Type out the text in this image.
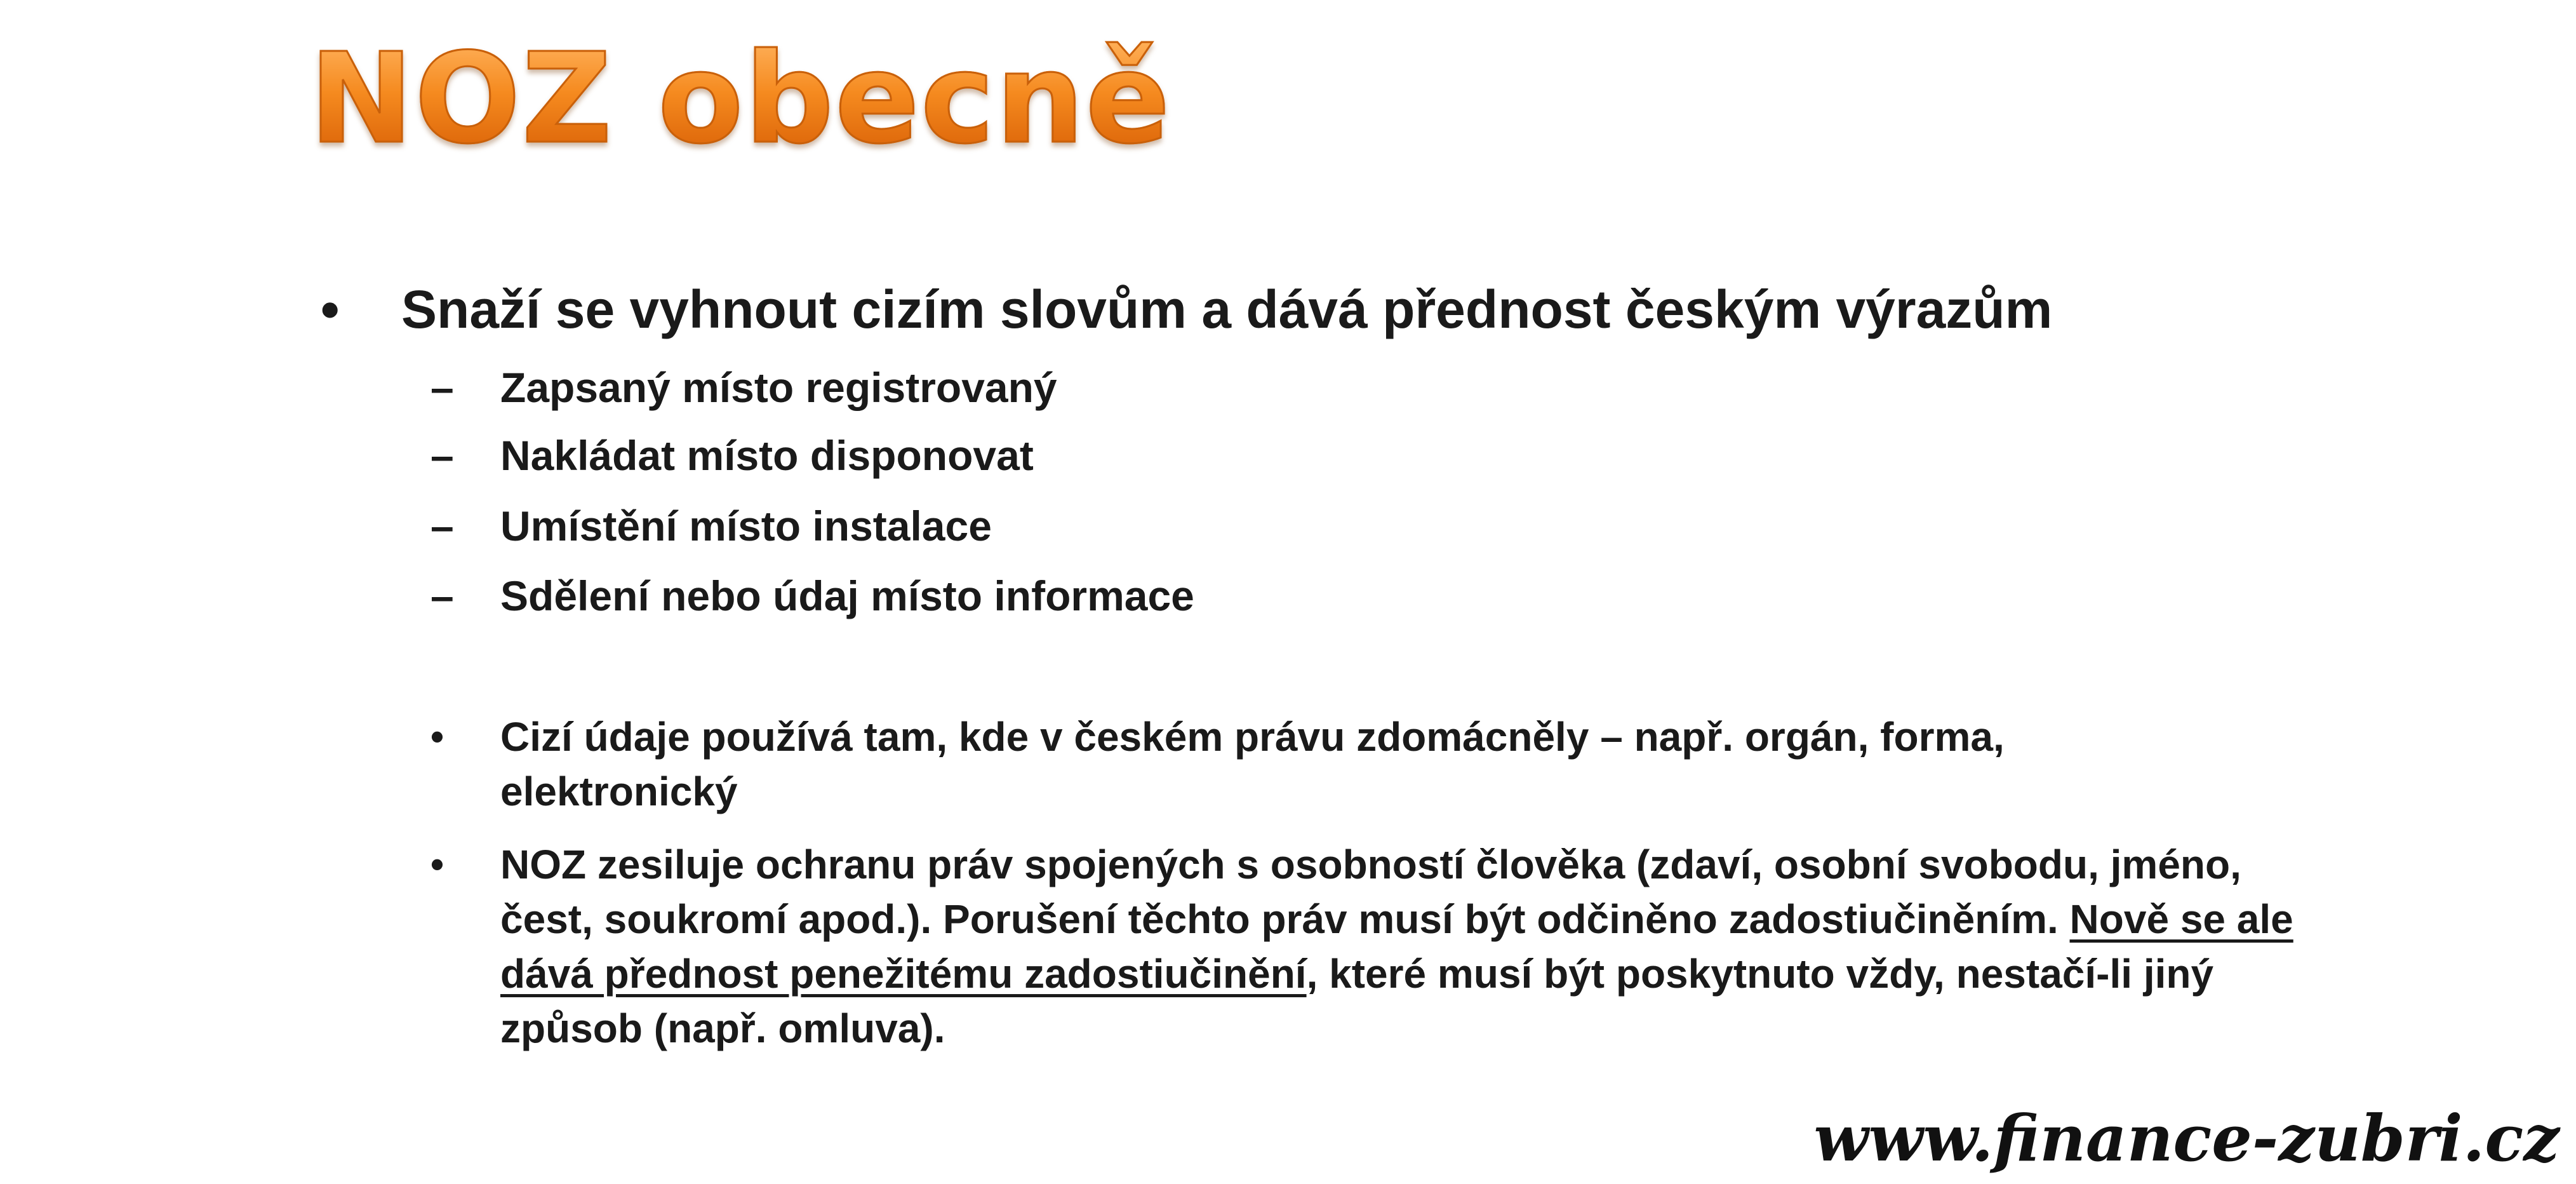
NOZ obecně
• Snaží se vyhnout cizím slovům a dává přednost českým výrazům

– Zapsaný místo registrovaný

– Nakládat místo disponovat

– Umístění místo instalace

– Sdělení nebo údaj místo informace

• Cizí údaje používá tam, kde v českém právu zdomácněly – např. orgán, forma, elektronický

• NOZ zesiluje ochranu práv spojených s osobností člověka (zdaví, osobní svobodu, jméno, čest, soukromí apod.). Porušení těchto práv musí být odčiněno zadostiučiněním. Nově se ale dává přednost penežitému zadostiučinění, které musí být poskytnuto vždy, nestačí-li jiný způsob (např. omluva).

www.finance-zubri.cz
